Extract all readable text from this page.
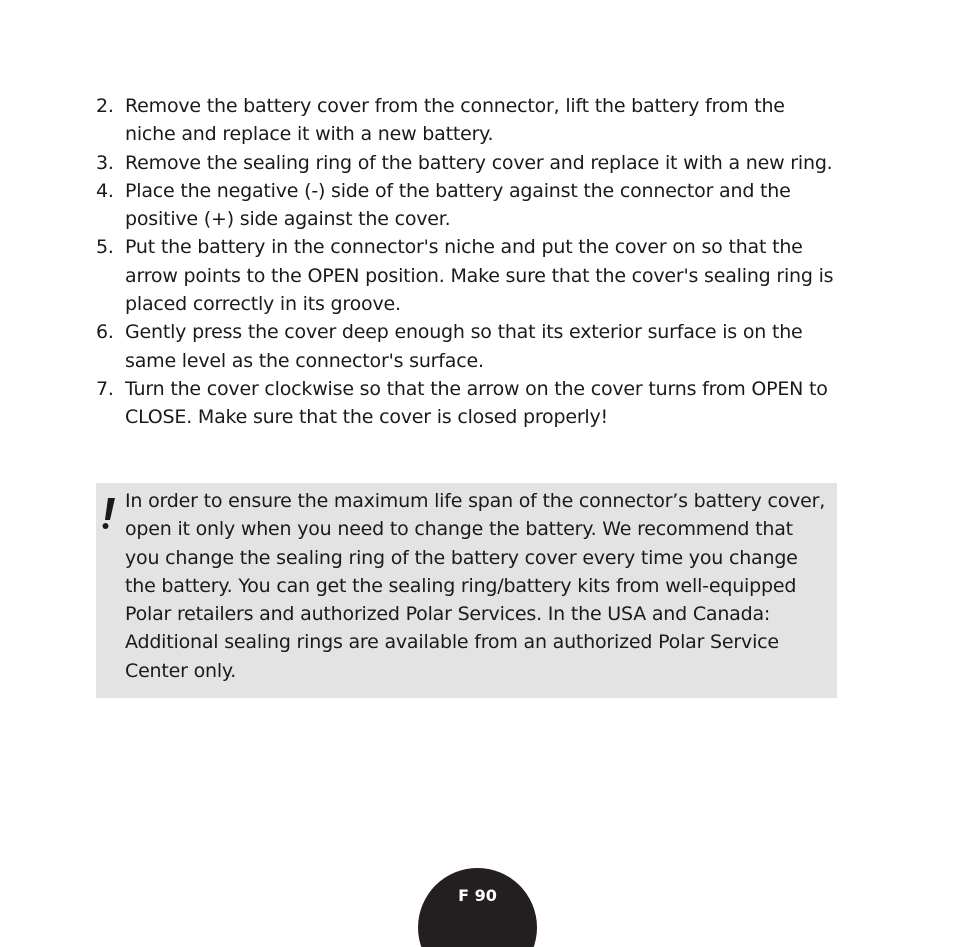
2. Remove the battery cover from the connector, lift the battery from the niche and replace it with a new battery.
3. Remove the sealing ring of the battery cover and replace it with a new ring.
4. Place the negative (-) side of the battery against the connector and the positive (+) side against the cover.
5. Put the battery in the connector's niche and put the cover on so that the arrow points to the OPEN position. Make sure that the cover's sealing ring is placed correctly in its groove.
6. Gently press the cover deep enough so that its exterior surface is on the same level as the connector's surface.
7. Turn the cover clockwise so that the arrow on the cover turns from OPEN to CLOSE. Make sure that the cover is closed properly!

In order to ensure the maximum life span of the connector’s battery cover, open it only when you need to change the battery. We recommend that you change the sealing ring of the battery cover every time you change the battery. You can get the sealing ring/battery kits from well-equipped Polar retailers and authorized Polar Services. In the USA and Canada: Additional sealing rings are available from an authorized Polar Service Center only.

F 90
